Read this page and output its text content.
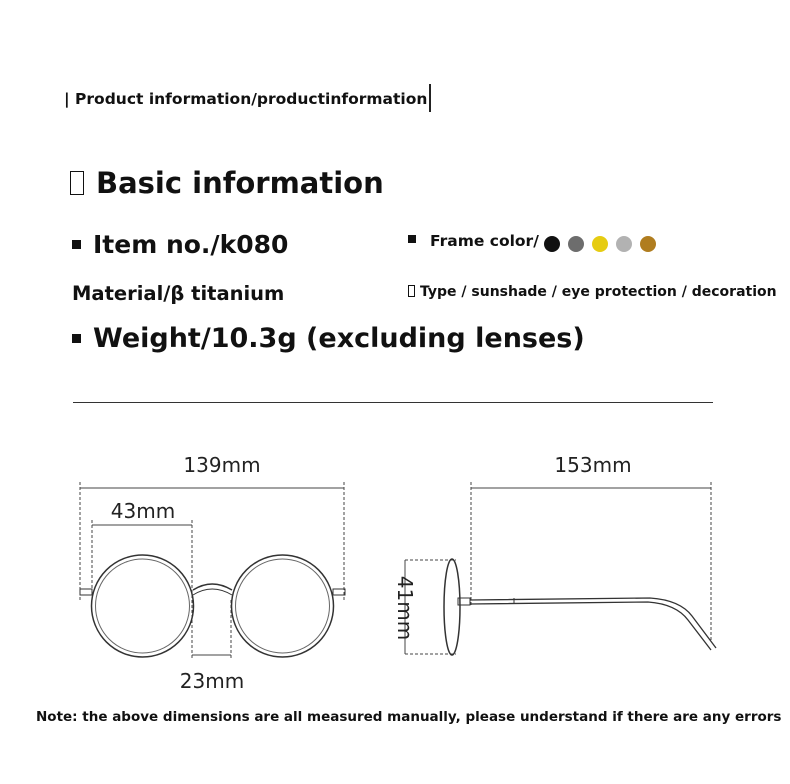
| Product information/productinformation
Basic information
Item no./k080
Material/β titanium
Weight/10.3g (excluding lenses)
Frame color/
Type / sunshade / eye protection / decoration
139mm
43mm
23mm
153mm
41mm
Note: the above dimensions are all measured manually, please understand if there are any errors
